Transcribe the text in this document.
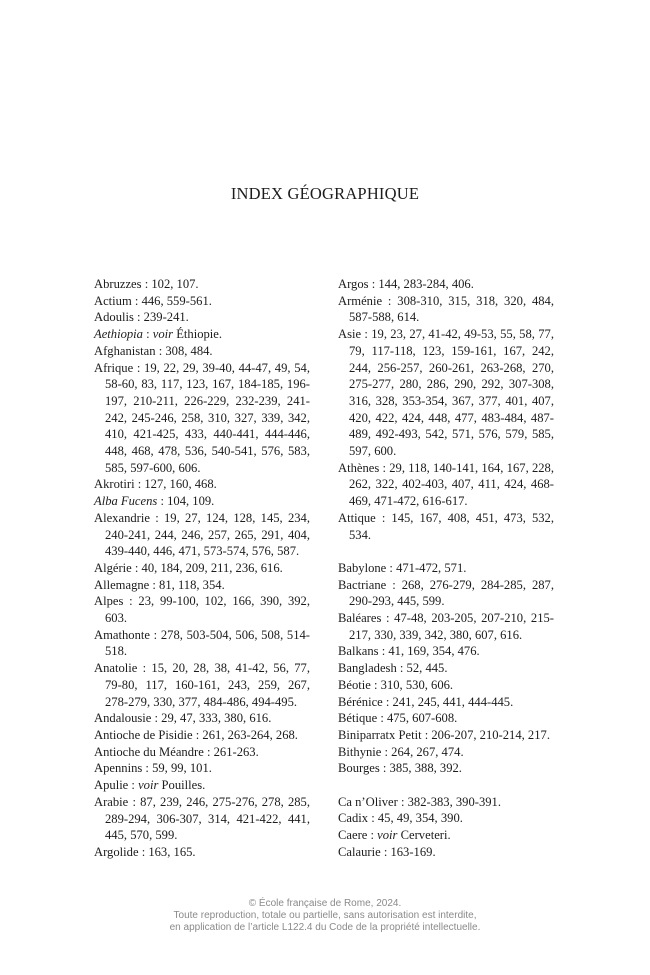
INDEX GÉOGRAPHIQUE
Abruzzes : 102, 107.
Actium : 446, 559-561.
Adoulis : 239-241.
Aethiopia : voir Éthiopie.
Afghanistan : 308, 484.
Afrique : 19, 22, 29, 39-40, 44-47, 49, 54, 58-60, 83, 117, 123, 167, 184-185, 196-197, 210-211, 226-229, 232-239, 241-242, 245-246, 258, 310, 327, 339, 342, 410, 421-425, 433, 440-441, 444-446, 448, 468, 478, 536, 540-541, 576, 583, 585, 597-600, 606.
Akrotiri : 127, 160, 468.
Alba Fucens : 104, 109.
Alexandrie : 19, 27, 124, 128, 145, 234, 240-241, 244, 246, 257, 265, 291, 404, 439-440, 446, 471, 573-574, 576, 587.
Algérie : 40, 184, 209, 211, 236, 616.
Allemagne : 81, 118, 354.
Alpes : 23, 99-100, 102, 166, 390, 392, 603.
Amathonte : 278, 503-504, 506, 508, 514-518.
Anatolie : 15, 20, 28, 38, 41-42, 56, 77, 79-80, 117, 160-161, 243, 259, 267, 278-279, 330, 377, 484-486, 494-495.
Andalousie : 29, 47, 333, 380, 616.
Antioche de Pisidie : 261, 263-264, 268.
Antioche du Méandre : 261-263.
Apennins : 59, 99, 101.
Apulie : voir Pouilles.
Arabie : 87, 239, 246, 275-276, 278, 285, 289-294, 306-307, 314, 421-422, 441, 445, 570, 599.
Argolide : 163, 165.
Argos : 144, 283-284, 406.
Arménie : 308-310, 315, 318, 320, 484, 587-588, 614.
Asie : 19, 23, 27, 41-42, 49-53, 55, 58, 77, 79, 117-118, 123, 159-161, 167, 242, 244, 256-257, 260-261, 263-268, 270, 275-277, 280, 286, 290, 292, 307-308, 316, 328, 353-354, 367, 377, 401, 407, 420, 422, 424, 448, 477, 483-484, 487-489, 492-493, 542, 571, 576, 579, 585, 597, 600.
Athènes : 29, 118, 140-141, 164, 167, 228, 262, 322, 402-403, 407, 411, 424, 468-469, 471-472, 616-617.
Attique : 145, 167, 408, 451, 473, 532, 534.
Babylone : 471-472, 571.
Bactriane : 268, 276-279, 284-285, 287, 290-293, 445, 599.
Baléares : 47-48, 203-205, 207-210, 215-217, 330, 339, 342, 380, 607, 616.
Balkans : 41, 169, 354, 476.
Bangladesh : 52, 445.
Béotie : 310, 530, 606.
Bérénice : 241, 245, 441, 444-445.
Bétique : 475, 607-608.
Biniparratx Petit : 206-207, 210-214, 217.
Bithynie : 264, 267, 474.
Bourges : 385, 388, 392.
Ca n’Oliver : 382-383, 390-391.
Cadix : 45, 49, 354, 390.
Caere : voir Cerveteri.
Calaurie : 163-169.
© École française de Rome, 2024.
Toute reproduction, totale ou partielle, sans autorisation est interdite,
en application de l’article L122.4 du Code de la propriété intellectuelle.
